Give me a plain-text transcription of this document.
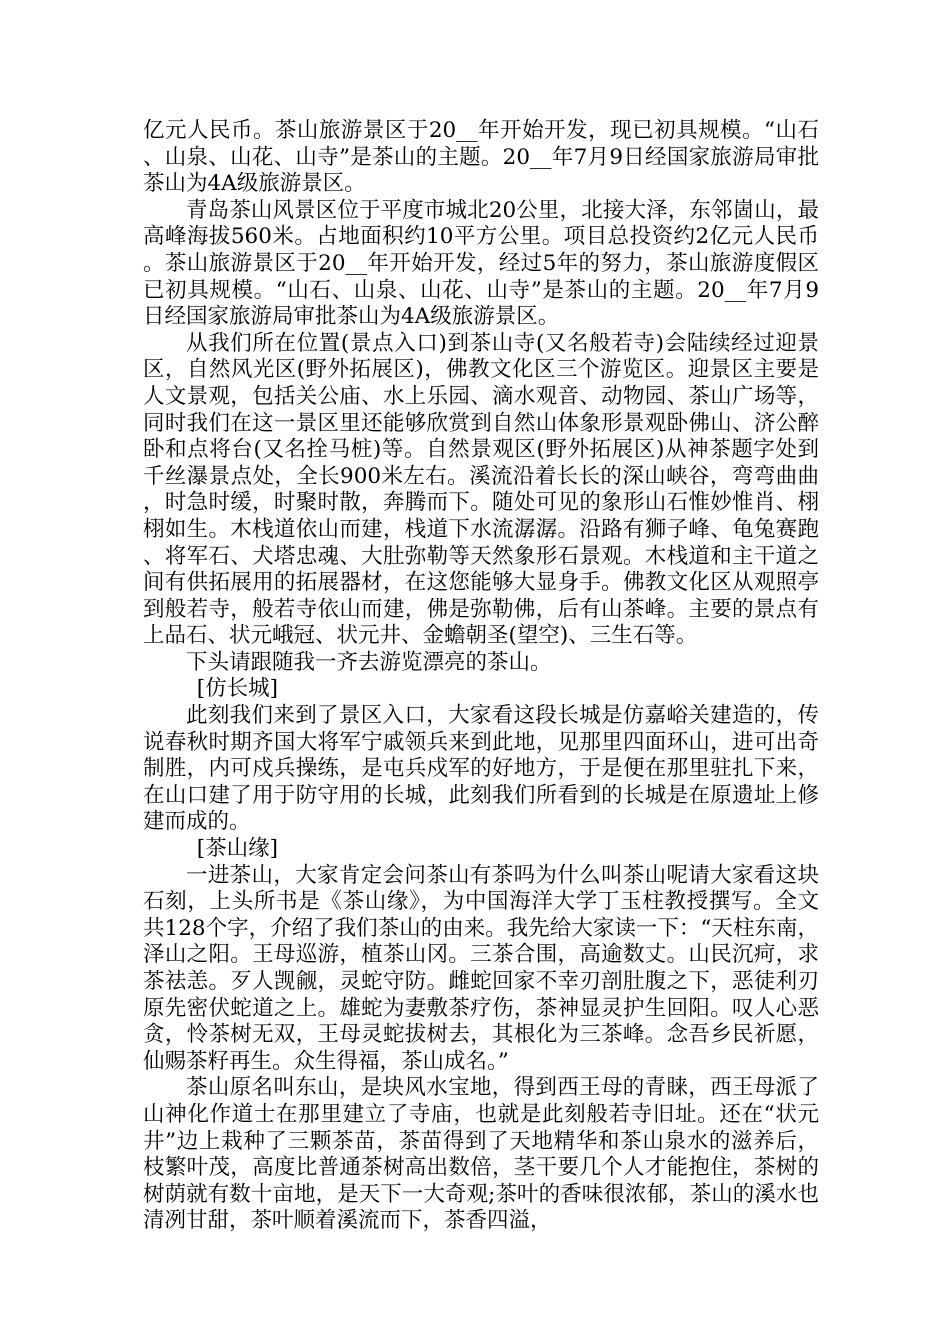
亿元人民币。茶山旅游景区于20__年开始开发，现已初具规模。“山石、山泉、山花、山寺”是茶山的主题。20__年7月9日经国家旅游局审批茶山为4A级旅游景区。

青岛茶山风景区位于平度市城北20公里，北接大泽，东邻崮山，最高峰海拔560米。占地面积约10平方公里。项目总投资约2亿元人民币。茶山旅游景区于20__年开始开发，经过5年的努力，茶山旅游度假区已初具规模。“山石、山泉、山花、山寺”是茶山的主题。20__年7月9日经国家旅游局审批茶山为4A级旅游景区。

从我们所在位置(景点入口)到茶山寺(又名般若寺)会陆续经过迎景区，自然风光区(野外拓展区)，佛教文化区三个游览区。迎景区主要是人文景观，包括关公庙、水上乐园、滴水观音、动物园、茶山广场等，同时我们在这一景区里还能够欣赏到自然山体象形景观卧佛山、济公醉卧和点将台(又名拴马桩)等。自然景观区(野外拓展区)从神茶题字处到千丝瀑景点处，全长900米左右。溪流沿着长长的深山峡谷，弯弯曲曲，时急时缓，时聚时散，奔腾而下。随处可见的象形山石惟妙惟肖、栩栩如生。木栈道依山而建，栈道下水流潺潺。沿路有狮子峰、龟兔赛跑、将军石、犬塔忠魂、大肚弥勒等天然象形石景观。木栈道和主干道之间有供拓展用的拓展器材，在这您能够大显身手。佛教文化区从观照亭到般若寺，般若寺依山而建，佛是弥勒佛，后有山茶峰。主要的景点有上品石、状元峨冠、状元井、金蟾朝圣(望空)、三生石等。

下头请跟随我一齐去游览漂亮的茶山。

[仿长城]

此刻我们来到了景区入口，大家看这段长城是仿嘉峪关建造的，传说春秋时期齐国大将军宁戚领兵来到此地，见那里四面环山，进可出奇制胜，内可戍兵操练，是屯兵戍军的好地方，于是便在那里驻扎下来，在山口建了用于防守用的长城，此刻我们所看到的长城是在原遗址上修建而成的。

[茶山缘]

一进茶山，大家肯定会问茶山有茶吗为什么叫茶山呢请大家看这块石刻，上头所书是《茶山缘》，为中国海洋大学丁玉柱教授撰写。全文共128个字，介绍了我们茶山的由来。我先给大家读一下：“天柱东南，泽山之阳。王母巡游，植茶山冈。三茶合围，高逾数丈。山民沉疴，求茶祛恙。歹人觊觎，灵蛇守防。雌蛇回家不幸刃剖肚腹之下，恶徒利刃原先密伏蛇道之上。雄蛇为妻敷茶疗伤，茶神显灵护生回阳。叹人心恶贪，怜茶树无双，王母灵蛇拔树去，其根化为三茶峰。念吾乡民祈愿，仙赐茶籽再生。众生得福，茶山成名。”

茶山原名叫东山，是块风水宝地，得到西王母的青睐，西王母派了山神化作道士在那里建立了寺庙，也就是此刻般若寺旧址。还在“状元井”边上栽种了三颗茶苗，茶苗得到了天地精华和茶山泉水的滋养后，枝繁叶茂，高度比普通茶树高出数倍，茎干要几个人才能抱住，茶树的树荫就有数十亩地，是天下一大奇观;茶叶的香味很浓郁，茶山的溪水也清冽甘甜，茶叶顺着溪流而下，茶香四溢，
